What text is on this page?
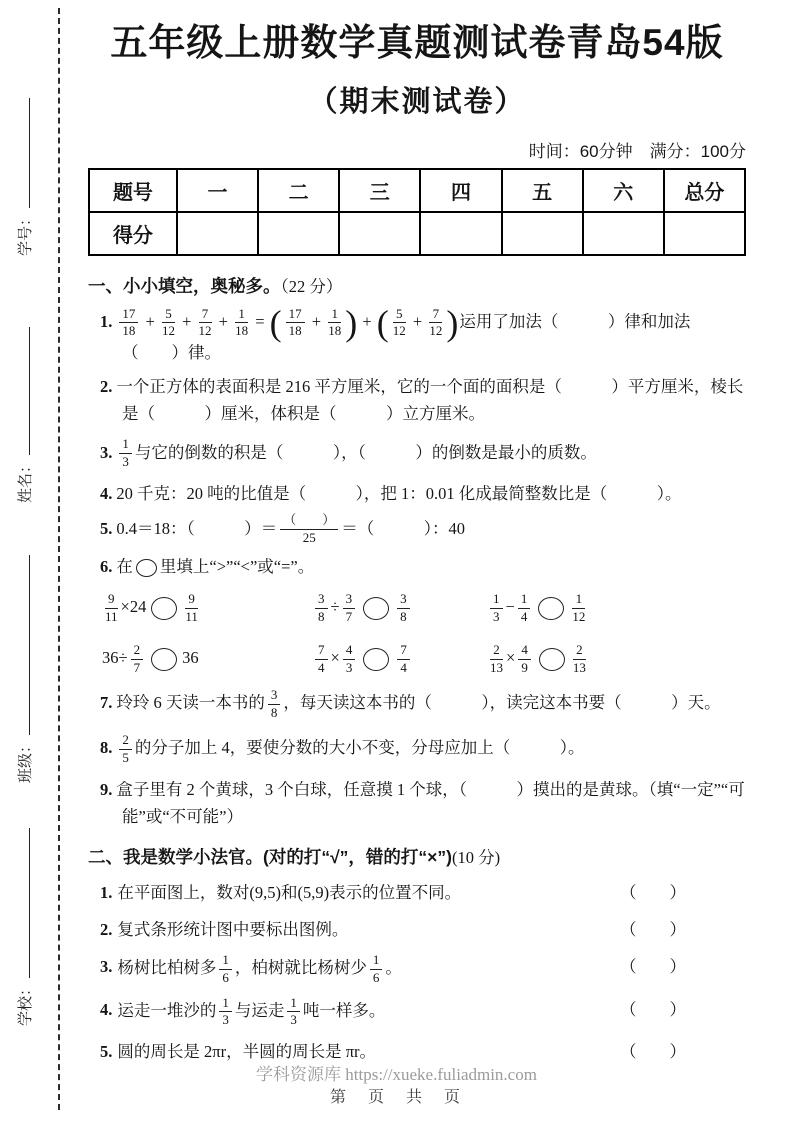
学号：
姓名：
班级：
学校：
五年级上册数学真题测试卷青岛54版
（期末测试卷）
时间：60分钟　满分：100分
题号	一	二	三	四	五	六	总分
得分							
一、小小填空，奥秘多。（22 分）
1. $\frac{17}{18} + \frac{5}{12} + \frac{7}{12} + \frac{1}{18}$ = ( $\frac{17}{18} + \frac{1}{18}$ ) + ( $\frac{5}{12} + \frac{7}{12}$ )运用了加法（　　　）律和加法
（　　）律。
2. 一个正方体的表面积是 216 平方厘米，它的一个面的面积是（　　　）平方厘米，棱长是（　　　）厘米，体积是（　　　）立方厘米。
3. $\frac{1}{3}$ 与它的倒数的积是（　　　），（　　　）的倒数是最小的质数。
4. 20 千克：20 吨的比值是（　　　），把 1：0.01 化成最简整数比是（　　　）。
5. 0.4＝18：（　　　）＝ $\frac{( )}{25}$ ＝（　　　）：40
6. 在 里填上“>”“<”或“=”。
$\frac{9}{11} \times 24$	$\frac{9}{11}$	$\frac{3}{8} \div \frac{3}{7}$	$\frac{3}{8}$	$\frac{1}{3} - \frac{1}{4}$	$\frac{1}{12}$
$36\div \frac{2}{7} 36$	$\frac{7}{4} \times \frac{4}{3}$	$\frac{7}{4}$	$\frac{2}{13} \times \frac{4}{9}$	$\frac{2}{13}$
7. 玲玲 6 天读一本书的 $\frac{3}{8}$ ，每天读这本书的（　　　），读完这本书要（　　　）天。
8. $\frac{2}{5}$ 的分子加上 4，要使分数的大小不变，分母应加上（　　　）。
9. 盒子里有 2 个黄球，3 个白球，任意摸 1 个球，（　　　）摸出的是黄球。（填“一定”“可能”或“不可能”）
二、我是数学小法官。(对的打“√”，错的打“×”)(10 分)
1. 在平面图上，数对(9,5)和(5,9)表示的位置不同。	（　　）
2. 复式条形统计图中要标出图例。	（　　）
3. 杨树比柏树多 $\frac{1}{6}$ ，柏树就比杨树少 $\frac{1}{6}$ 。	（　　）
4. 运走一堆沙的 $\frac{1}{3}$ 与运走 $\frac{1}{3}$ 吨一样多。	（　　）
5. 圆的周长是 2πr，半圆的周长是 πr。	（　　）
学科资源库 https://xueke.fuliadmin.com
第　页　共　页
